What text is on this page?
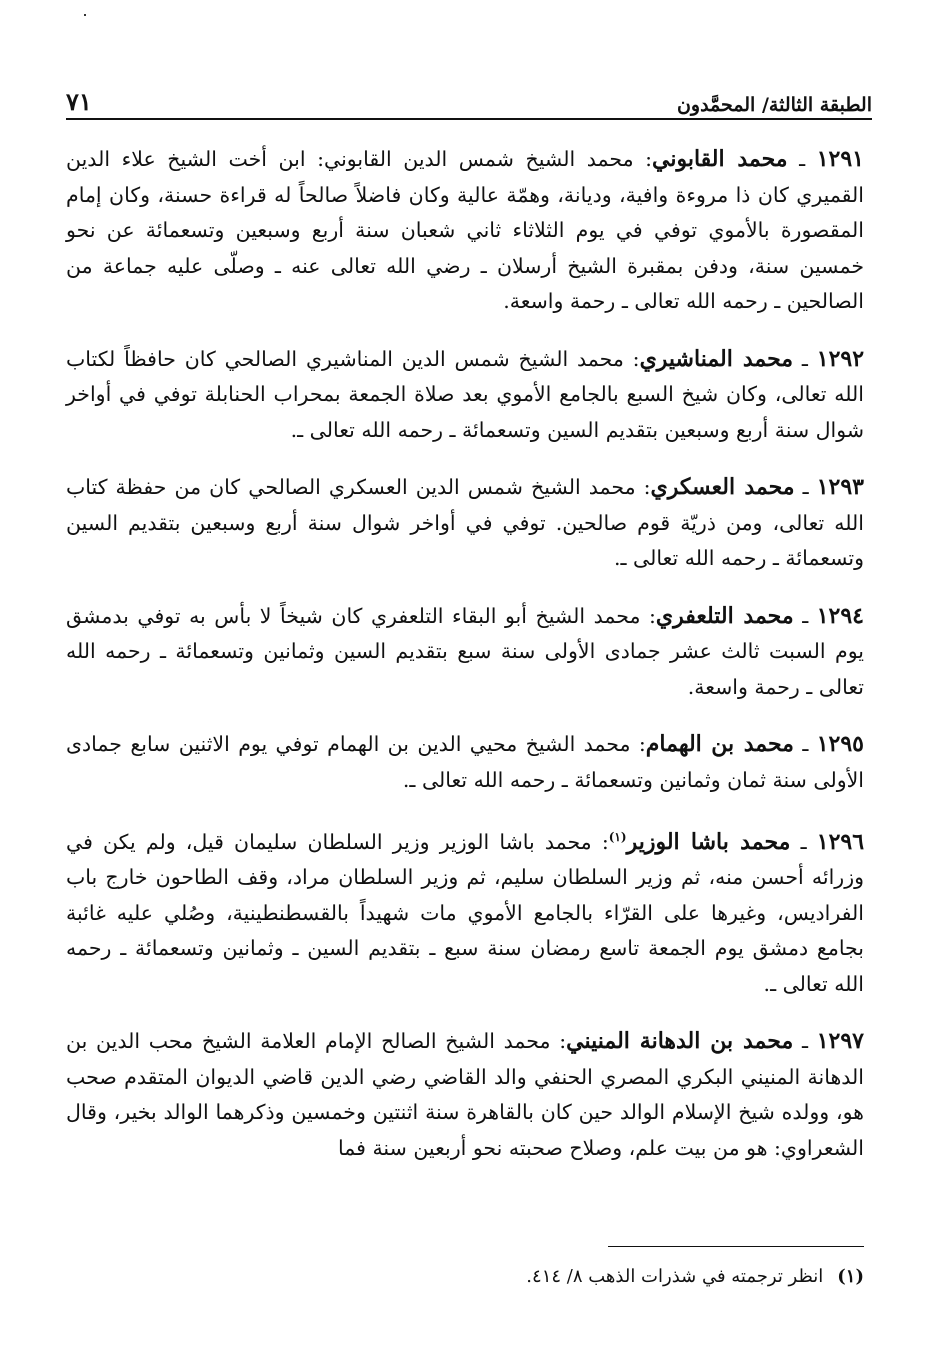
الطبقة الثالثة/ المحمَّدون
٧١

١٢٩١ ـ محمد القابوني: محمد الشيخ شمس الدين القابوني: ابن أخت الشيخ علاء الدين القميري كان ذا مروءة وافية، وديانة، وهمّة عالية وكان فاضلاً صالحاً له قراءة حسنة، وكان إمام المقصورة بالأموي توفي في يوم الثلاثاء ثاني شعبان سنة أربع وسبعين وتسعمائة عن نحو خمسين سنة، ودفن بمقبرة الشيخ أرسلان ـ رضي الله تعالى عنه ـ وصلّى عليه جماعة من الصالحين ـ رحمه الله تعالى ـ رحمة واسعة.

١٢٩٢ ـ محمد المناشيري: محمد الشيخ شمس الدين المناشيري الصالحي كان حافظاً لكتاب الله تعالى، وكان شيخ السبع بالجامع الأموي بعد صلاة الجمعة بمحراب الحنابلة توفي في أواخر شوال سنة أربع وسبعين بتقديم السين وتسعمائة ـ رحمه الله تعالى ـ.

١٢٩٣ ـ محمد العسكري: محمد الشيخ شمس الدين العسكري الصالحي كان من حفظة كتاب الله تعالى، ومن ذريّة قوم صالحين. توفي في أواخر شوال سنة أربع وسبعين بتقديم السين وتسعمائة ـ رحمه الله تعالى ـ.

١٢٩٤ ـ محمد التلعفري: محمد الشيخ أبو البقاء التلعفري كان شيخاً لا بأس به توفي بدمشق يوم السبت ثالث عشر جمادى الأولى سنة سبع بتقديم السين وثمانين وتسعمائة ـ رحمه الله تعالى ـ رحمة واسعة.

١٢٩٥ ـ محمد بن الهمام: محمد الشيخ محيي الدين بن الهمام توفي يوم الاثنين سابع جمادى الأولى سنة ثمان وثمانين وتسعمائة ـ رحمه الله تعالى ـ.

١٢٩٦ ـ محمد باشا الوزير$^{(١)}$: محمد باشا الوزير وزير السلطان سليمان قيل، ولم يكن في وزرائه أحسن منه، ثم وزير السلطان سليم، ثم وزير السلطان مراد، وقف الطاحون خارج باب الفراديس، وغيرها على القرّاء بالجامع الأموي مات شهيداً بالقسطنطينية، وصُلي عليه غائبة بجامع دمشق يوم الجمعة تاسع رمضان سنة سبع ـ بتقديم السين ـ وثمانين وتسعمائة ـ رحمه الله تعالى ـ.

١٢٩٧ ـ محمد بن الدهانة المنيني: محمد الشيخ الصالح الإمام العلامة الشيخ محب الدين بن الدهانة المنيني البكري المصري الحنفي والد القاضي رضي الدين قاضي الديوان المتقدم صحب هو، وولده شيخ الإسلام الوالد حين كان بالقاهرة سنة اثنتين وخمسين وذكرهما الوالد بخير، وقال الشعراوي: هو من بيت علم، وصلاح صحبته نحو أربعين سنة فما

(١)انظر ترجمته في شذرات الذهب ٨/ ٤١٤.
